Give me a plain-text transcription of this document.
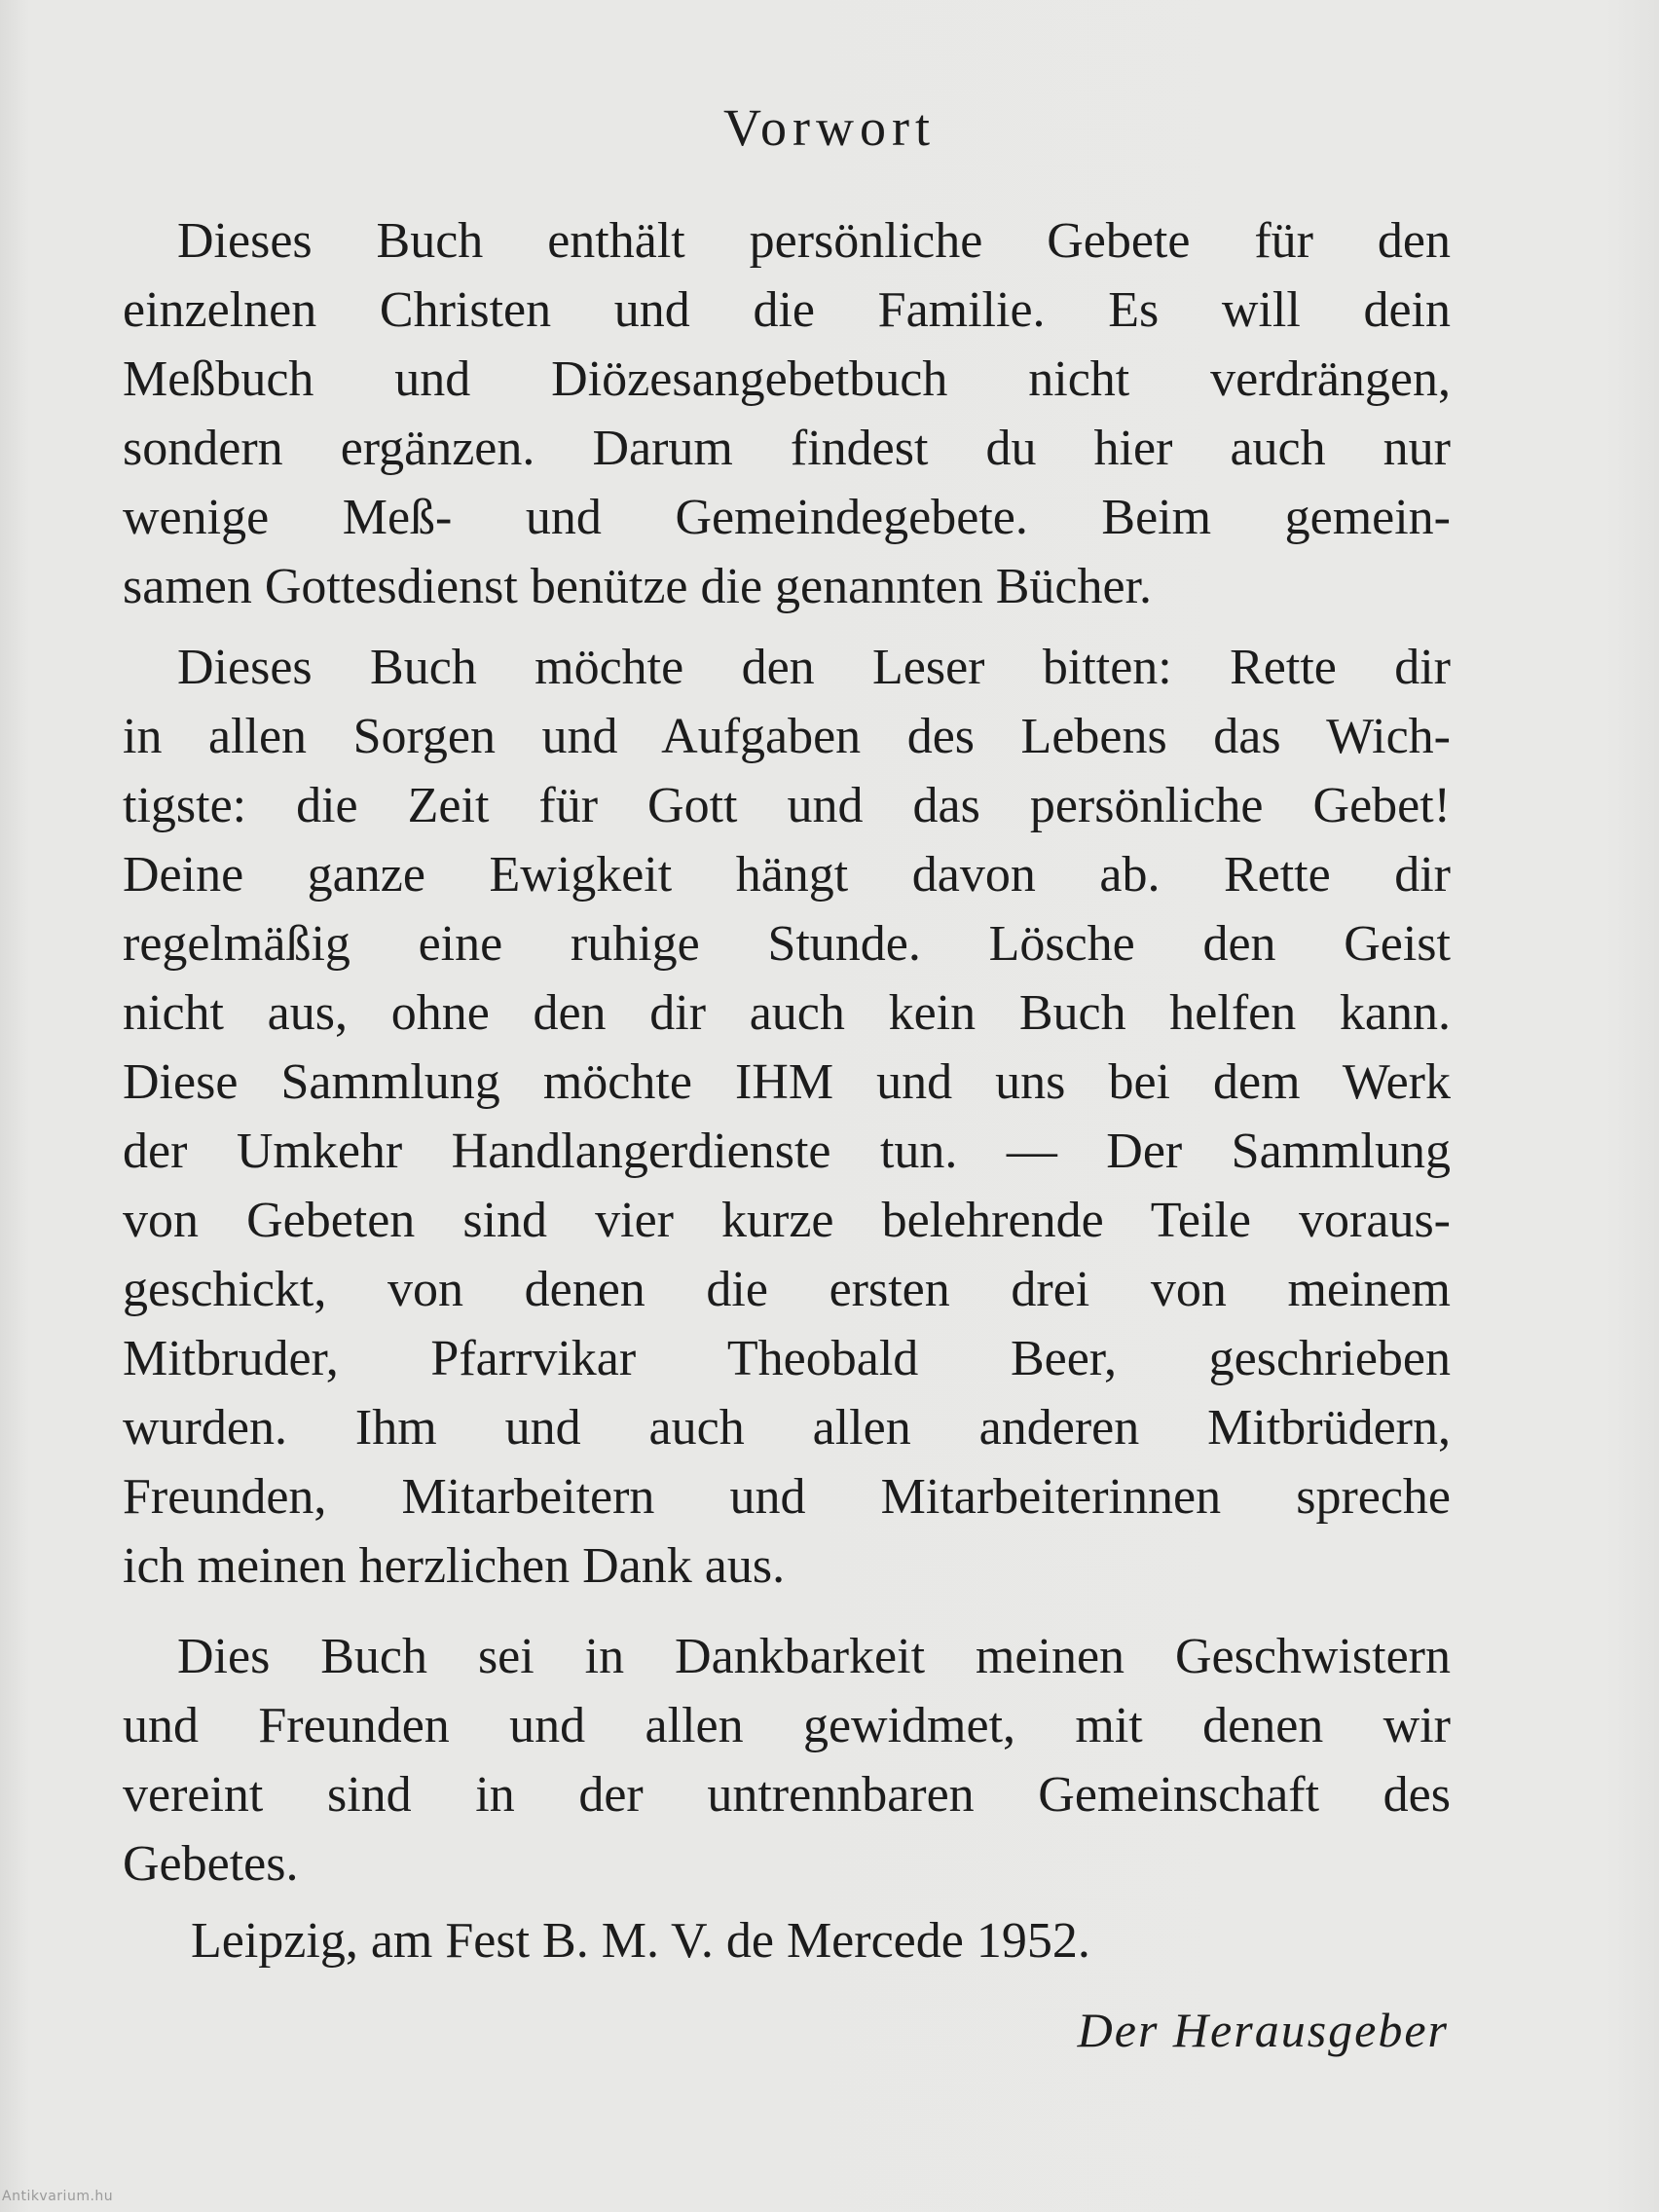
Vorwort
Dieses Buch enthält persönliche Gebete für den
einzelnen Christen und die Familie. Es will dein
Meßbuch und Diözesangebetbuch nicht verdrängen,
sondern ergänzen. Darum findest du hier auch nur
wenige Meß- und Gemeindegebete. Beim gemein-
samen Gottesdienst benütze die genannten Bücher.
Dieses Buch möchte den Leser bitten: Rette dir
in allen Sorgen und Aufgaben des Lebens das Wich-
tigste: die Zeit für Gott und das persönliche Gebet!
Deine ganze Ewigkeit hängt davon ab. Rette dir
regelmäßig eine ruhige Stunde. Lösche den Geist
nicht aus, ohne den dir auch kein Buch helfen kann.
Diese Sammlung möchte IHM und uns bei dem Werk
der Umkehr Handlangerdienste tun. — Der Sammlung
von Gebeten sind vier kurze belehrende Teile voraus-
geschickt, von denen die ersten drei von meinem
Mitbruder, Pfarrvikar Theobald Beer, geschrieben
wurden. Ihm und auch allen anderen Mitbrüdern,
Freunden, Mitarbeitern und Mitarbeiterinnen spreche
ich meinen herzlichen Dank aus.
Dies Buch sei in Dankbarkeit meinen Geschwistern
und Freunden und allen gewidmet, mit denen wir
vereint sind in der untrennbaren Gemeinschaft des
Gebetes.
Leipzig, am Fest B. M. V. de Mercede 1952.
Der Herausgeber
Antikvarium.hu
